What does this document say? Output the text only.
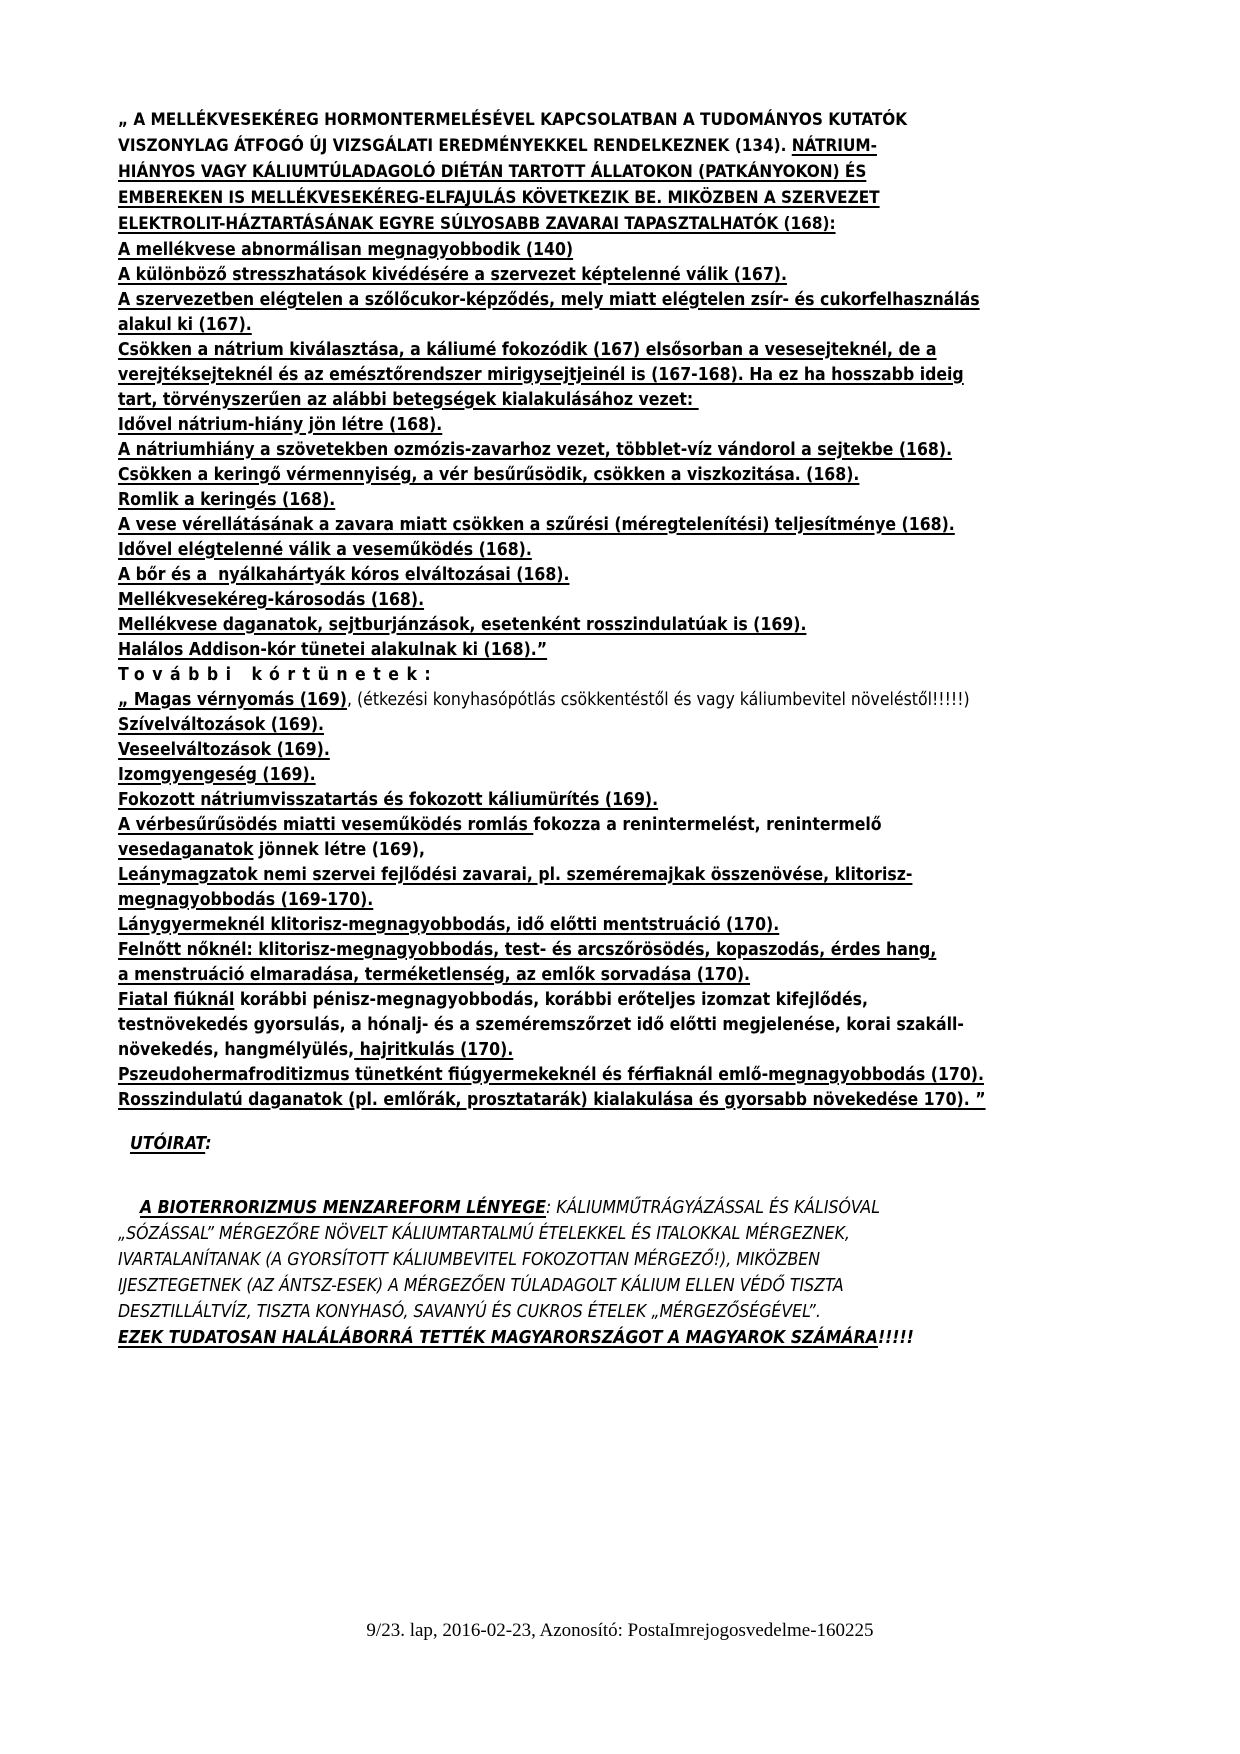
„ A MELLÉKVESEKÉREG HORMONTERMELÉSÉVEL KAPCSOLATBAN A TUDOMÁNYOS KUTATÓK
VISZONYLAG ÁTFOGÓ ÚJ VIZSGÁLATI EREDMÉNYEKKEL RENDELKEZNEK (134). NÁTRIUM-
HIÁNYOS VAGY KÁLIUMTÚLADAGOLÓ DIÉTÁN TARTOTT ÁLLATOKON (PATKÁNYOKON) ÉS
EMBEREKEN IS MELLÉKVESEKÉREG-ELFAJULÁS KÖVETKEZIK BE. MIKÖZBEN A SZERVEZET
ELEKTROLIT-HÁZTARTÁSÁNAK EGYRE SÚLYOSABB ZAVARAI TAPASZTALHATÓK (168):
A mellékvese abnormálisan megnagyobbodik (140)
A különböző stresszhatások kivédésére a szervezet képtelenné válik (167).
A szervezetben elégtelen a szőlőcukor-képződés, mely miatt elégtelen zsír- és cukorfelhasználás
alakul ki (167).
Csökken a nátrium kiválasztása, a káliumé fokozódik (167) elsősorban a vesesejteknél, de a
verejtéksejteknél és az emésztőrendszer mirigysejtjeinél is (167-168). Ha ez ha hosszabb ideig
tart, törvényszerűen az alábbi betegségek kialakulásához vezet:
Idővel nátrium-hiány jön létre (168).
A nátriumhiány a szövetekben ozmózis-zavarhoz vezet, többlet-víz vándorol a sejtekbe (168).
Csökken a keringő vérmennyiség, a vér besűrűsödik, csökken a viszkozitása. (168).
Romlik a keringés (168).
A vese vérellátásának a zavara miatt csökken a szűrési (méregtelenítési) teljesítménye (168).
Idővel elégtelenné válik a veseműködés (168).
A bőr és a  nyálkahártyák kóros elváltozásai (168).
Mellékvesekéreg-károsodás (168).
Mellékvese daganatok, sejtburjánzások, esetenként rosszindulatúak is (169).
Halálos Addison-kór tünetei alakulnak ki (168).”
További kórtünetek:
„ Magas vérnyomás (169), (étkezési konyhasópótlás csökkentéstől és vagy káliumbevitel növeléstől!!!!!)
Szívelváltozások (169).
Veseelváltozások (169).
Izomgyengeség (169).
Fokozott nátriumvisszatartás és fokozott káliumürítés (169).
A vérbesűrűsödés miatti veseműködés romlás fokozza a renintermelést, renintermelő
vesedaganatok jönnek létre (169),
Leánymagzatok nemi szervei fejlődési zavarai, pl. szeméremajkak összenövése, klitorisz-
megnagyobbodás (169-170).
Lánygyermeknél klitorisz-megnagyobbodás, idő előtti mentstruáció (170).
Felnőtt nőknél: klitorisz-megnagyobbodás, test- és arcszőrösödés, kopaszodás, érdes hang,
a menstruáció elmaradása, terméketlenség, az emlők sorvadása (170).
Fiatal fiúknál korábbi pénisz-megnagyobbodás, korábbi erőteljes izomzat kifejlődés,
testnövekedés gyorsulás, a hónalj- és a szeméremszőrzet idő előtti megjelenése, korai szakáll-
növekedés, hangmélyülés, hajritkulás (170).
Pszeudohermafroditizmus tünetként fiúgyermekeknél és férfiaknál emlő-megnagyobbodás (170).
Rosszindulatú daganatok (pl. emlőrák, prosztatarák) kialakulása és gyorsabb növekedése 170). ”
UTÓIRAT:
A BIOTERRORIZMUS MENZAREFORM LÉNYEGE: KÁLIUMMŰTRÁGYÁZÁSSAL ÉS KÁLISÓVAL
„SÓZÁSSAL” MÉRGEZŐRE NÖVELT KÁLIUMTARTALMÚ ÉTELEKKEL ÉS ITALOKKAL MÉRGEZNEK,
IVARTALANÍTANAK (A GYORSÍTOTT KÁLIUMBEVITEL FOKOZOTTAN MÉRGEZŐ!), MIKÖZBEN
IJESZTEGETNEK (AZ ÁNTSZ-ESEK) A MÉRGEZŐEN TÚLADAGOLT KÁLIUM ELLEN VÉDŐ TISZTA
DESZTILLÁLTVÍZ, TISZTA KONYHASÓ, SAVANYÚ ÉS CUKROS ÉTELEK „MÉRGEZŐSÉGÉVEL”.
EZEK TUDATOSAN HALÁLÁBORRÁ TETTÉK MAGYARORSZÁGOT A MAGYAROK SZÁMÁRA!!!!!
9/23. lap, 2016-02-23, Azonosító: PostaImrejogosvedelme-160225
